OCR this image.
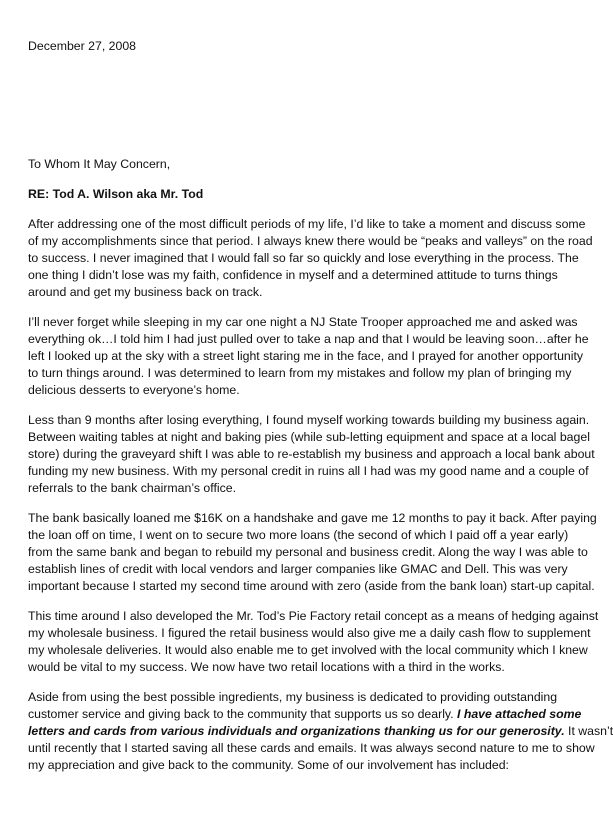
December 27, 2008

To Whom It May Concern,

RE: Tod A. Wilson aka Mr. Tod

After addressing one of the most difficult periods of my life, I’d like to take a moment and discuss some
of my accomplishments since that period. I always knew there would be “peaks and valleys” on the road
to success. I never imagined that I would fall so far so quickly and lose everything in the process. The
one thing I didn’t lose was my faith, confidence in myself and a determined attitude to turns things
around and get my business back on track.

I’ll never forget while sleeping in my car one night a NJ State Trooper approached me and asked was
everything ok…I told him I had just pulled over to take a nap and that I would be leaving soon…after he
left I looked up at the sky with a street light staring me in the face, and I prayed for another opportunity
to turn things around. I was determined to learn from my mistakes and follow my plan of bringing my
delicious desserts to everyone’s home.

Less than 9 months after losing everything, I found myself working towards building my business again.
Between waiting tables at night and baking pies (while sub-letting equipment and space at a local bagel
store) during the graveyard shift I was able to re-establish my business and approach a local bank about
funding my new business. With my personal credit in ruins all I had was my good name and a couple of
referrals to the bank chairman’s office.

The bank basically loaned me $16K on a handshake and gave me 12 months to pay it back. After paying
the loan off on time, I went on to secure two more loans (the second of which I paid off a year early)
from the same bank and began to rebuild my personal and business credit. Along the way I was able to
establish lines of credit with local vendors and larger companies like GMAC and Dell. This was very
important because I started my second time around with zero (aside from the bank loan) start-up capital.

This time around I also developed the Mr. Tod’s Pie Factory retail concept as a means of hedging against
my wholesale business. I figured the retail business would also give me a daily cash flow to supplement
my wholesale deliveries. It would also enable me to get involved with the local community which I knew
would be vital to my success. We now have two retail locations with a third in the works.

Aside from using the best possible ingredients, my business is dedicated to providing outstanding
customer service and giving back to the community that supports us so dearly. I have attached some
letters and cards from various individuals and organizations thanking us for our generosity. It wasn’t
until recently that I started saving all these cards and emails. It was always second nature to me to show
my appreciation and give back to the community. Some of our involvement has included:
